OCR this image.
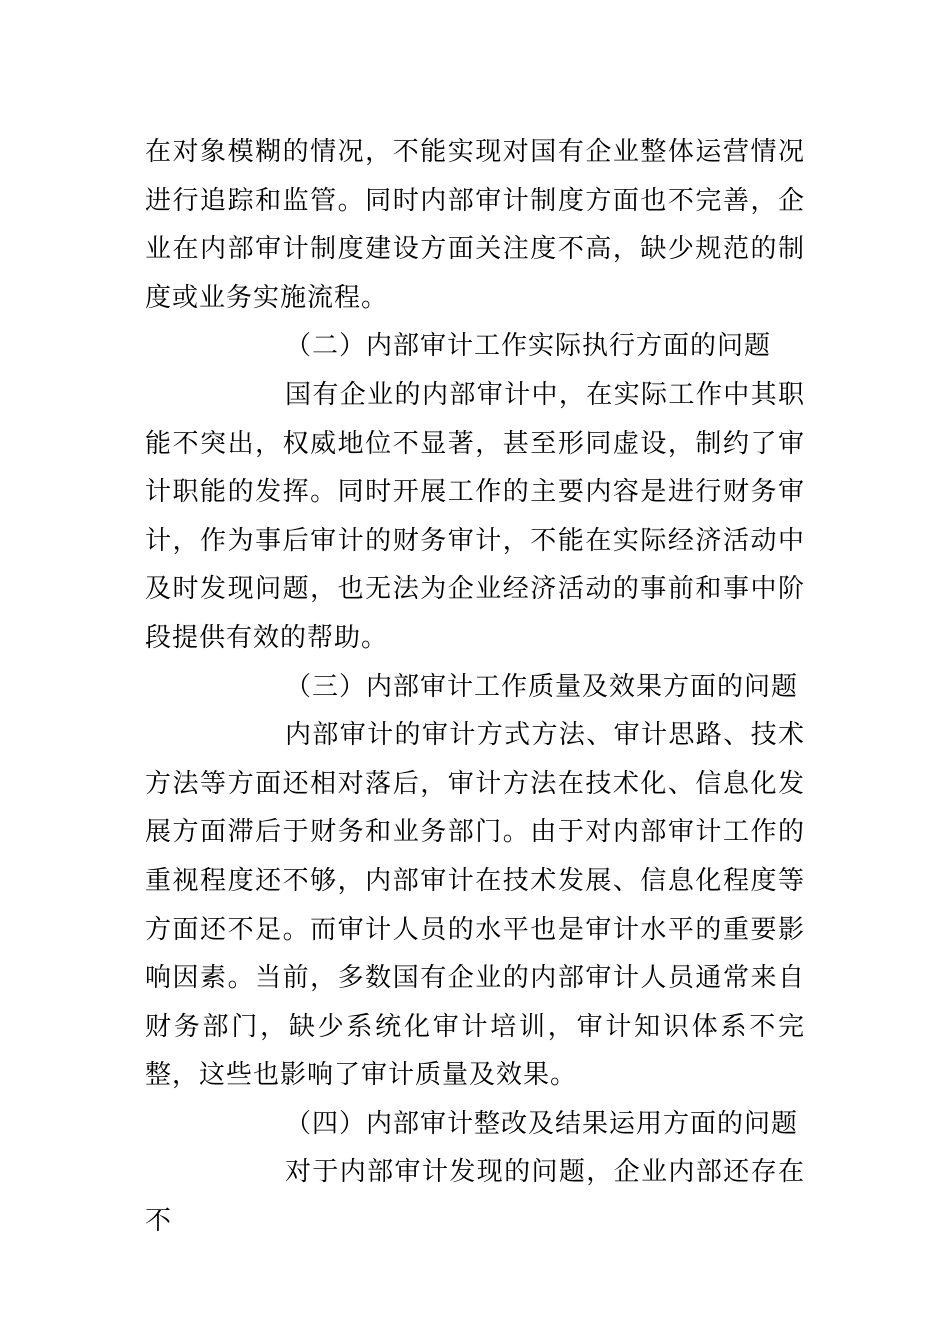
在对象模糊的情况，不能实现对国有企业整体运营情况进行追踪和监管。同时内部审计制度方面也不完善，企业在内部审计制度建设方面关注度不高，缺少规范的制度或业务实施流程。

（二）内部审计工作实际执行方面的问题

国有企业的内部审计中，在实际工作中其职能不突出，权威地位不显著，甚至形同虚设，制约了审计职能的发挥。同时开展工作的主要内容是进行财务审计，作为事后审计的财务审计，不能在实际经济活动中及时发现问题，也无法为企业经济活动的事前和事中阶段提供有效的帮助。

（三）内部审计工作质量及效果方面的问题

内部审计的审计方式方法、审计思路、技术方法等方面还相对落后，审计方法在技术化、信息化发展方面滞后于财务和业务部门。由于对内部审计工作的重视程度还不够，内部审计在技术发展、信息化程度等方面还不足。而审计人员的水平也是审计水平的重要影响因素。当前，多数国有企业的内部审计人员通常来自财务部门，缺少系统化审计培训，审计知识体系不完整，这些也影响了审计质量及效果。

（四）内部审计整改及结果运用方面的问题

对于内部审计发现的问题，企业内部还存在不
